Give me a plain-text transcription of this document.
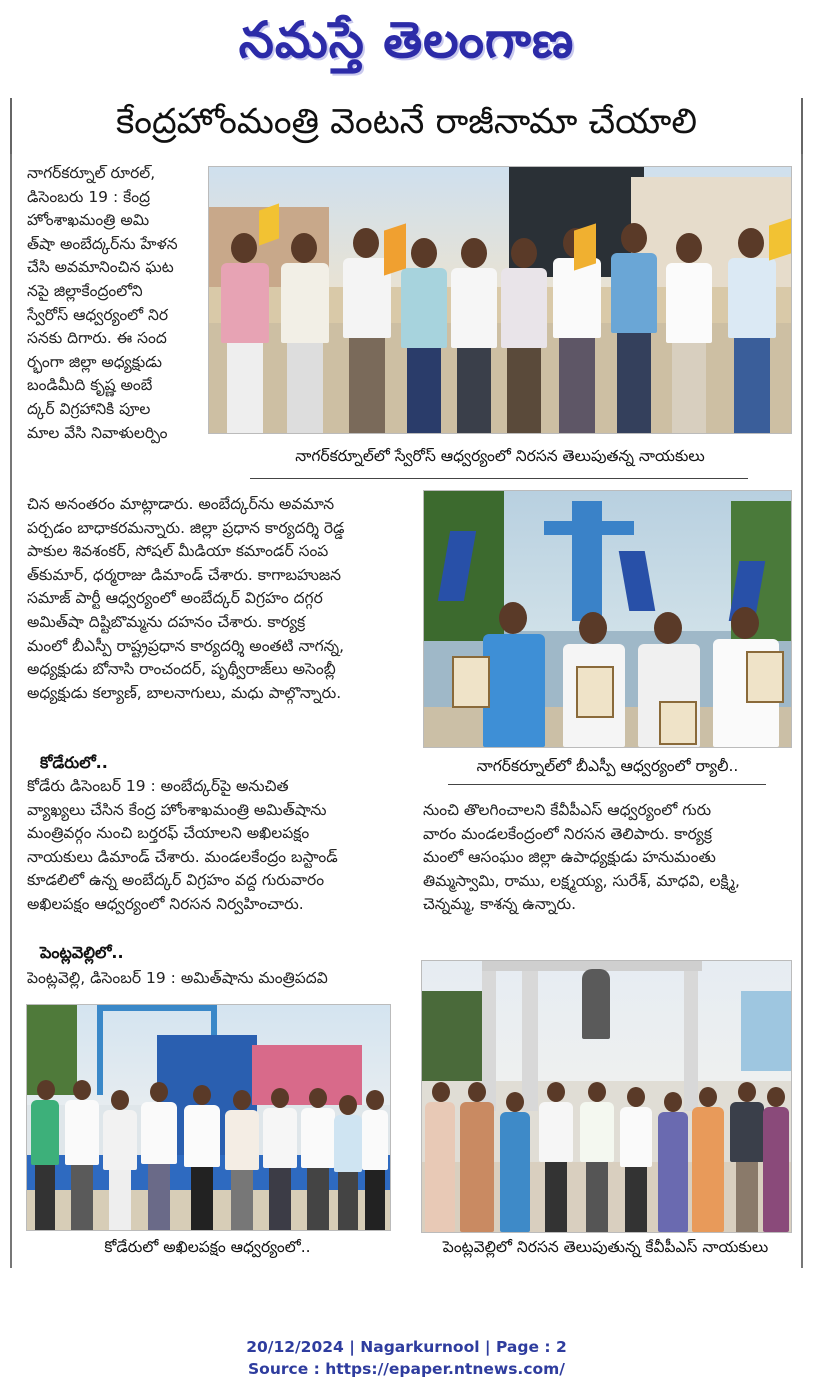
నమస్తే తెలంగాణ
కేంద్రహోంమంత్రి వెంటనే రాజీనామా చేయాలి
నాగర్‌కర్నూల్ రూరల్,
డిసెంబరు 19 : కేంద్ర
హోంశాఖమంత్రి అమి
త్‌షా అంబేద్కర్‌ను హేళన
చేసి అవమానించిన ఘట
నపై జిల్లాకేంద్రంలోని
స్వేరోస్ ఆధ్వర్యంలో నిర
సనకు దిగారు. ఈ సంద
ర్భంగా జిల్లా అధ్యక్షుడు
బండిమీది కృష్ణ అంబే
ద్కర్ విగ్రహానికి పూల
మాల వేసి నివాళులర్పిం
నాగర్‌కర్నూల్‌లో స్వేరోస్ ఆధ్వర్యంలో నిరసన తెలుపుతన్న నాయకులు
చిన అనంతరం మాట్లాడారు. అంబేద్కర్‌ను అవమాన
పర్చడం బాధాకరమన్నారు. జిల్లా ప్రధాన కార్యదర్శి రెడ్డ
పాకుల శివశంకర్, సోషల్ మీడియా కమాండర్ సంప
త్‌కుమార్, ధర్మరాజు డిమాండ్ చేశారు. కాగాబహుజన
సమాజ్ పార్టీ ఆధ్వర్యంలో అంబేద్కర్ విగ్రహం దగ్గర
అమిత్‌షా దిష్టిబొమ్మను దహనం చేశారు. కార్యక్ర
మంలో బీఎస్పీ రాష్ట్రప్రధాన కార్యదర్శి అంతటి నాగన్న,
అధ్యక్షుడు బోనాసి రాంచందర్, పృథ్వీరాజ్‌లు అసెంబ్లీ
అధ్యక్షుడు కల్యాణ్, బాలనాగులు, మధు పాల్గొన్నారు.
నాగర్‌కర్నూల్‌లో బీఎస్పీ ఆధ్వర్యంలో ర్యాలీ..
కోడేరులో..
కోడేరు డిసెంబర్ 19 : అంబేద్కర్‌పై అనుచిత
వ్యాఖ్యలు చేసిన కేంద్ర హోంశాఖమంత్రి అమిత్‌షాను
మంత్రివర్గం నుంచి బర్తరఫ్ చేయాలని అఖిలపక్షం
నాయకులు డిమాండ్ చేశారు. మండలకేంద్రం బస్టాండ్
కూడలిలో ఉన్న అంబేద్కర్ విగ్రహం వద్ద గురువారం
అఖిలపక్షం ఆధ్వర్యంలో నిరసన నిర్వహించారు.
పెంట్లవెల్లిలో..
పెంట్లవెల్లి, డిసెంబర్ 19 : అమిత్‌షాను మంత్రిపదవి
నుంచి తొలగించాలని కేవీపీఎస్ ఆధ్వర్యంలో గురు
వారం మండలకేంద్రంలో నిరసన తెలిపారు. కార్యక్ర
మంలో ఆసంఘం జిల్లా ఉపాధ్యక్షుడు హనుమంతు
తిమ్మస్వామి, రాము, లక్ష్మయ్య, సురేశ్, మాధవి, లక్ష్మి,
చెన్నమ్మ, కాశన్న ఉన్నారు.
కోడేరులో అఖిలపక్షం ఆధ్వర్యంలో..	పెంట్లవెల్లిలో నిరసన తెలుపుతున్న కేవీపీఎస్ నాయకులు
20/12/2024 | Nagarkurnool | Page : 2
Source : https://epaper.ntnews.com/
